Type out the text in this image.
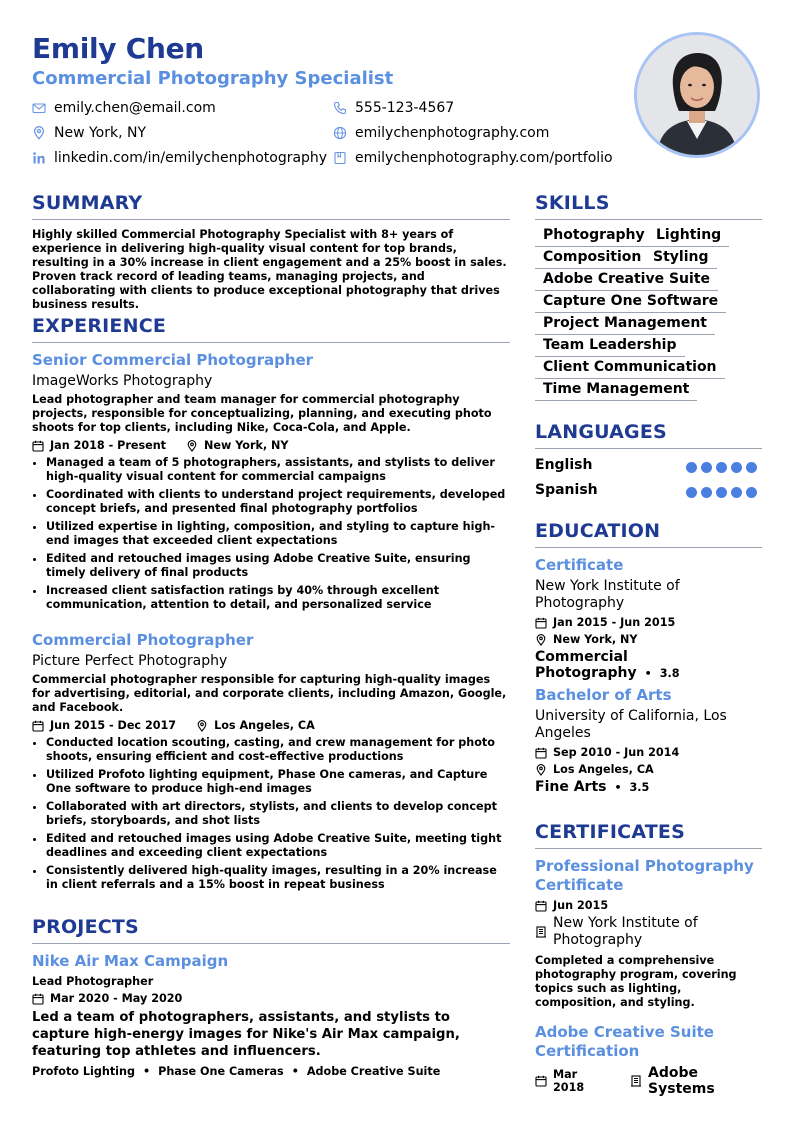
Emily Chen
Commercial Photography Specialist
emily.chen@email.com	555-123-4567
New York, NY	emilychenphotography.com
linkedin.com/in/emilychenphotography emilychenphotography.com/portfolio
SUMMARY
Highly skilled Commercial Photography Specialist with 8+ years of experience in delivering high-quality visual content for top brands, resulting in a 30% increase in client engagement and a 25% boost in sales. Proven track record of leading teams, managing projects, and collaborating with clients to produce exceptional photography that drives business results.
EXPERIENCE
Senior Commercial Photographer
ImageWorks Photography
Lead photographer and team manager for commercial photography projects, responsible for conceptualizing, planning, and executing photo shoots for top clients, including Nike, Coca-Cola, and Apple.
Jan 2018 - Present	New York, NY
• Managed a team of 5 photographers, assistants, and stylists to deliver high-quality visual content for commercial campaigns
• Coordinated with clients to understand project requirements, developed concept briefs, and presented final photography portfolios
• Utilized expertise in lighting, composition, and styling to capture high-end images that exceeded client expectations
• Edited and retouched images using Adobe Creative Suite, ensuring timely delivery of final products
• Increased client satisfaction ratings by 40% through excellent communication, attention to detail, and personalized service
Commercial Photographer
Picture Perfect Photography
Commercial photographer responsible for capturing high-quality images for advertising, editorial, and corporate clients, including Amazon, Google, and Facebook.
Jun 2015 - Dec 2017	Los Angeles, CA
• Conducted location scouting, casting, and crew management for photo shoots, ensuring efficient and cost-effective productions
• Utilized Profoto lighting equipment, Phase One cameras, and Capture One software to produce high-end images
• Collaborated with art directors, stylists, and clients to develop concept briefs, storyboards, and shot lists
• Edited and retouched images using Adobe Creative Suite, meeting tight deadlines and exceeding client expectations
• Consistently delivered high-quality images, resulting in a 20% increase in client referrals and a 15% boost in repeat business
PROJECTS
Nike Air Max Campaign
Lead Photographer
Mar 2020 - May 2020
Led a team of photographers, assistants, and stylists to capture high-energy images for Nike's Air Max campaign, featuring top athletes and influencers.
Profoto Lighting • Phase One Cameras • Adobe Creative Suite
SKILLS
Photography Lighting
Composition Styling
Adobe Creative Suite
Capture One Software
Project Management
Team Leadership
Client Communication
Time Management
LANGUAGES
English
Spanish
EDUCATION
Certificate
New York Institute of Photography
Jan 2015 - Jun 2015
New York, NY
Commercial Photography • 3.8
Bachelor of Arts
University of California, Los Angeles
Sep 2010 - Jun 2014
Los Angeles, CA
Fine Arts • 3.5
CERTIFICATES
Professional Photography Certificate
Jun 2015
New York Institute of Photography
Completed a comprehensive photography program, covering topics such as lighting, composition, and styling.
Adobe Creative Suite Certification
Mar 2018
Adobe Systems
